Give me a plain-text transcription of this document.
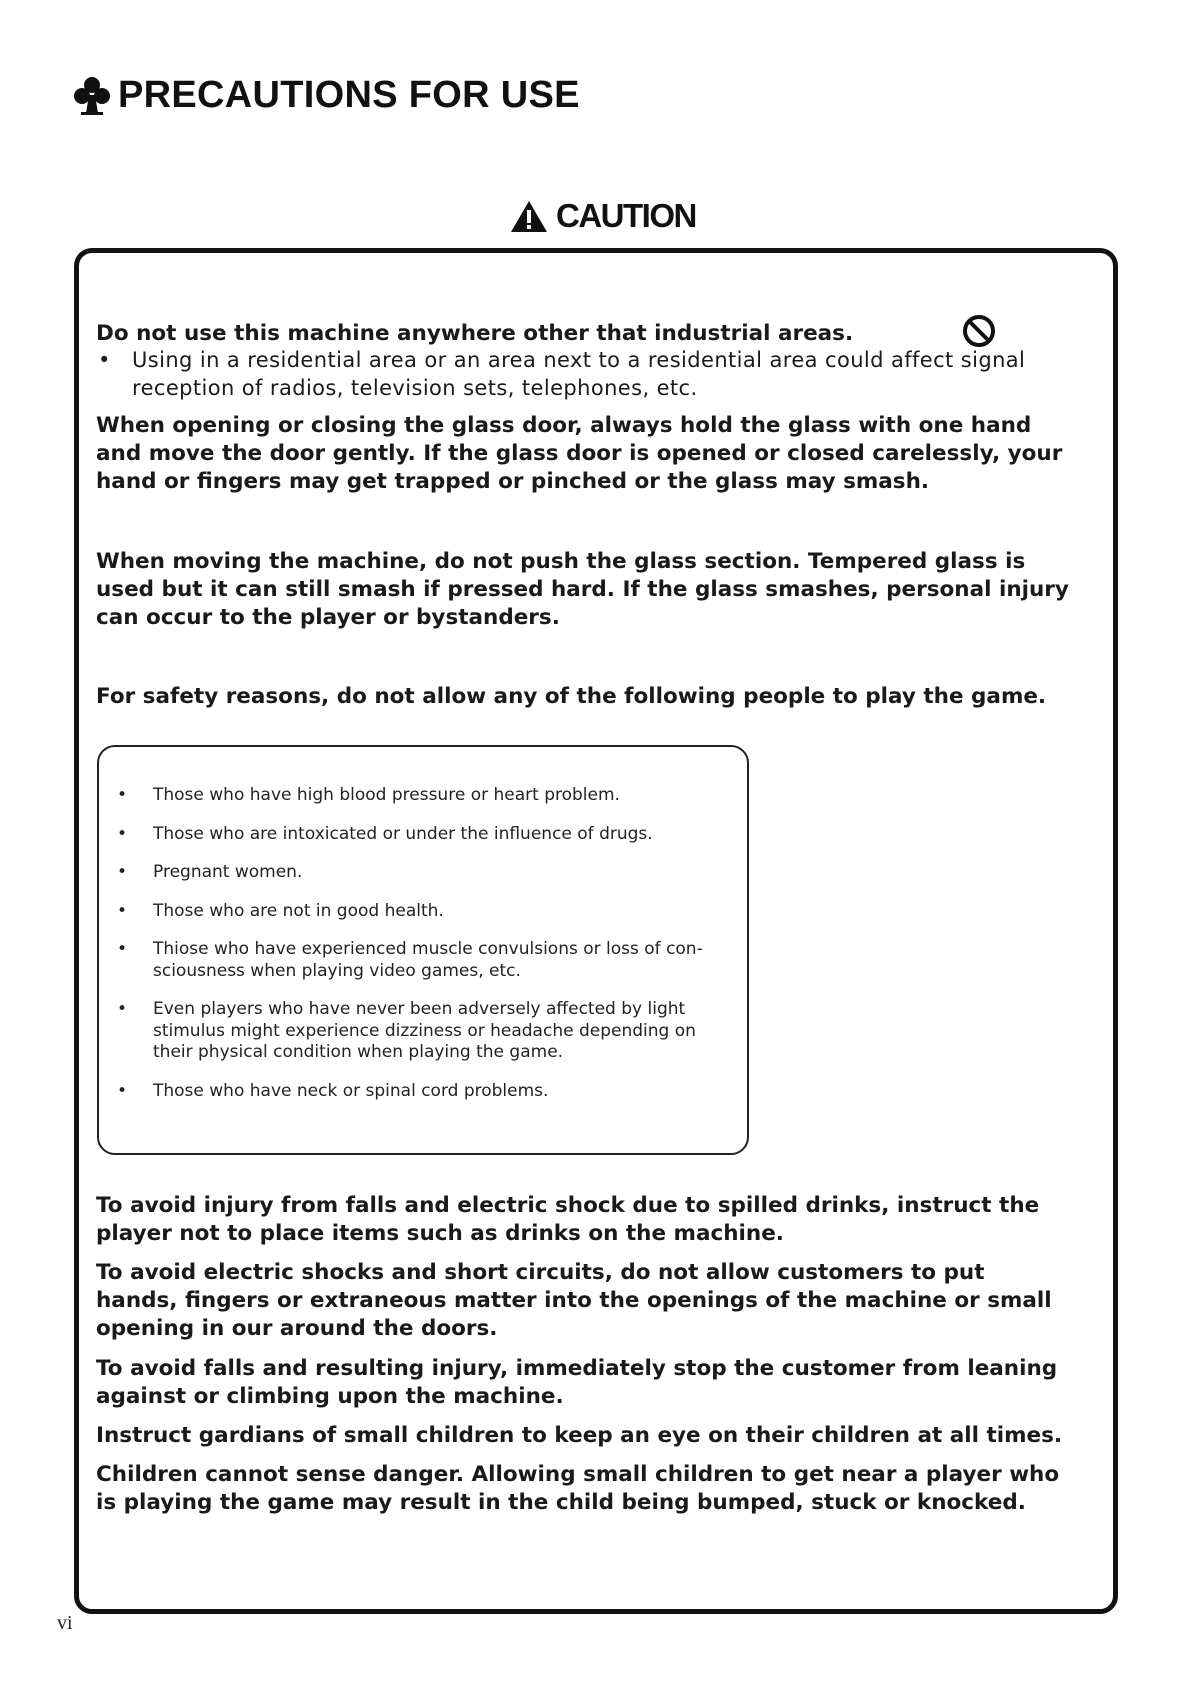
PRECAUTIONS FOR USE
CAUTION

Do not use this machine anywhere other that industrial areas.

• Using in a residential area or an area next to a residential area could affect signal reception of radios, television sets, telephones, etc.

When opening or closing the glass door, always hold the glass with one hand and move the door gently. If the glass door is opened or closed carelessly, your hand or fingers may get trapped or pinched or the glass may smash.

When moving the machine, do not push the glass section. Tempered glass is used but it can still smash if pressed hard. If the glass smashes, personal injury can occur to the player or bystanders.

For safety reasons, do not allow any of the following people to play the game.

• Those who have high blood pressure or heart problem.
• Those who are intoxicated or under the influence of drugs.
• Pregnant women.
• Those who are not in good health.
• Thiose who have experienced muscle convulsions or loss of con-sciousness when playing video games, etc.
• Even players who have never been adversely affected by light stimulus might experience dizziness or headache depending on their physical condition when playing the game.
• Those who have neck or spinal cord problems.

To avoid injury from falls and electric shock due to spilled drinks, instruct the player not to place items such as drinks on the machine.

To avoid electric shocks and short circuits, do not allow customers to put hands, fingers or extraneous matter into the openings of the machine or small opening in our around the doors.

To avoid falls and resulting injury, immediately stop the customer from leaning against or climbing upon the machine.

Instruct gardians of small children to keep an eye on their children at all times.

Children cannot sense danger. Allowing small children to get near a player who is playing the game may result in the child being bumped, stuck or knocked.

vi
